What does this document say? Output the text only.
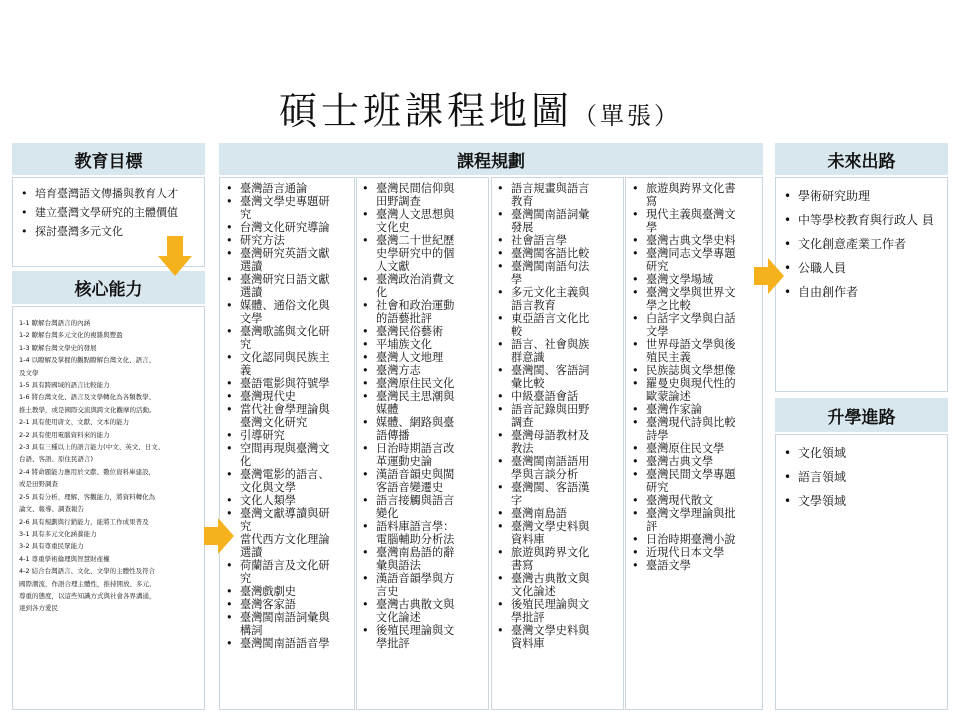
碩士班課程地圖（單張）
教育目標	課程規劃	未來出路
核心能力
升學進路
• 培育臺灣語文傳播與教育人才
• 建立臺灣文學研究的主體價值
• 探討臺灣多元文化
1-1 瞭解台灣語言的內涵
1-2 瞭解台灣多元文化的複雜與豐盈
1-3 瞭解台灣文學史的發展
1-4 以瞭解及掌握的觀點瞭解台灣文化、語言、
及文學
1-5 具有跨國域的語言比較能力
1-6 將台灣文化、語言及文學轉化為各類教學、
推土教學，或是國際交流與跨文化觀摩的活動。
2-1 具有使用唐文、文獻、文本的能力
2-2 具有使用電腦資料來的能力
2-3 具有三種以上的語言能力(中文、英文、日文、
台語、客語、原住民語言)
2-4 將命題能力應用於文獻、數位資料庫建設，
或是田野調查
2-5 具有分析、理解、客觀能力，將資料轉化為
論文、報導、調查報告
2-6 具有規劃與行銷能力，能將工作成果普及
3-1 具有多元文化涵養能力
3-2 具有尊重民眾能力
4-1 尊重學術倫理與智慧財產權
4-2 結合台灣語言、文化、文學的主體性及符合
國際潮流，作語合理主體性，推持開放、多元、
尊重的態度，以這些知識方式與社會各界溝通，
達到各方愛民
• 臺灣語言通論
• 臺灣文學史專題研
究
• 台灣文化研究導論
• 研究方法
• 臺灣研究英語文獻
選讀
• 臺灣研究日語文獻
選讀
• 媒體、通俗文化與
文學
• 臺灣歌謠與文化研
究
• 文化認同與民族主
義
• 臺語電影與符號學
• 臺灣現代史
• 當代社會學理論與
臺灣文化研究
• 引導研究
• 空間再現與臺灣文
化
• 臺灣電影的語言、
文化與文學
• 文化人類學
• 臺灣文獻導讀與研
究
• 當代西方文化理論
選讀
• 荷蘭語言及文化研
究
• 臺灣戲劇史
• 臺灣客家語
• 臺灣閩南語詞彙與
構詞
• 臺灣閩南語語音學
• 臺灣民間信仰與
田野調查
• 臺灣人文思想與
文化史
• 臺灣二十世紀歷
史學研究中的個
人文獻
• 臺灣政治消費文
化
• 社會和政治運動
的語藝批評
• 臺灣民俗藝術
• 平埔族文化
• 臺灣人文地理
• 臺灣方志
• 臺灣原住民文化
• 臺灣民主思潮與
媒體
• 媒體、網路與臺
語傳播
• 日治時期語言改
革運動史論
• 漢語音韻史與閩
客語音變遷史
• 語言接觸與語言
變化
• 語料庫語言學：
電腦輔助分析法
• 臺灣南島語的辭
彙與語法
• 漢語音韻學與方
言史
• 臺灣古典散文與
文化論述
• 後殖民理論與文
學批評
• 語言規畫與語言
教育
• 臺灣閩南語詞彙
發展
• 社會語言學
• 臺灣閩客語比較
• 臺灣閩南語句法
學
• 多元文化主義與
語言教育
• 東亞語言文化比
較
• 語言、社會與族
群意識
• 臺灣閩、客語詞
彙比較
• 中級臺語會話
• 語音記錄與田野
調查
• 臺灣母語教材及
教法
• 臺灣閩南語語用
學與言談分析
• 臺灣閩、客語漢
字
• 臺灣南島語
• 臺灣文學史料與
資料庫
• 旅遊與跨界文化
書寫
• 臺灣古典散文與
文化論述
• 後殖民理論與文
學批評
• 臺灣文學史料與
資料庫
• 旅遊與跨界文化書
寫
• 現代主義與臺灣文
學
• 臺灣古典文學史料
• 臺灣同志文學專題
研究
• 臺灣文學場域
• 臺灣文學與世界文
學之比較
• 白話字文學與白話
文學
• 世界母語文學與後
殖民主義
• 民族誌與文學想像
• 羅曼史與現代性的
歐蒙論述
• 臺灣作家論
• 臺灣現代詩與比較
詩學
• 臺灣原住民文學
• 臺灣古典文學
• 臺灣民間文學專題
研究
• 臺灣現代散文
• 臺灣文學理論與批
評
• 日治時期臺灣小說
• 近現代日本文學
• 臺語文學
• 學術研究助理
• 中等學校教育與行政人 員
• 文化創意產業工作者
• 公職人員
• 自由創作者
• 文化領域
• 語言領域
• 文學領域
